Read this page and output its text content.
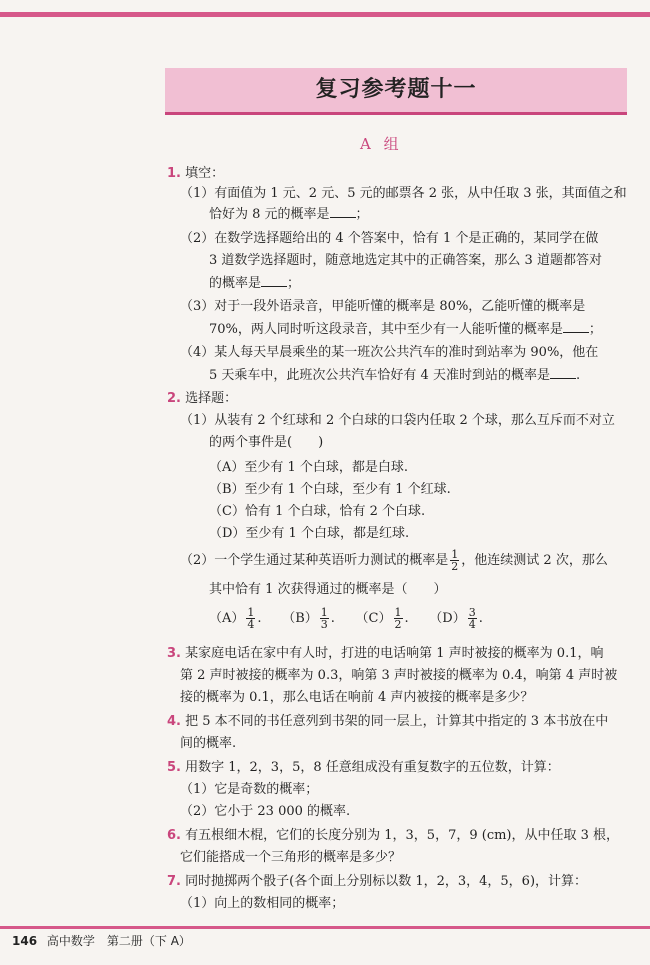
复习参考题十一
A 组
1. 填空：
（1）有面值为 1 元、2 元、5 元的邮票各 2 张，从中任取 3 张，其面值之和
恰好为 8 元的概率是 ；
（2）在数学选择题给出的 4 个答案中，恰有 1 个是正确的，某同学在做
3 道数学选择题时，随意地选定其中的正确答案，那么 3 道题都答对
的概率是 ；
（3）对于一段外语录音，甲能听懂的概率是 80%，乙能听懂的概率是
70%，两人同时听这段录音，其中至少有一人能听懂的概率是 ；
（4）某人每天早晨乘坐的某一班次公共汽车的准时到站率为 90%，他在
5 天乘车中，此班次公共汽车恰好有 4 天准时到站的概率是 .
2. 选择题：
（1）从装有 2 个红球和 2 个白球的口袋内任取 2 个球，那么互斥而不对立
的两个事件是(　　)
（A）至少有 1 个白球，都是白球.
（B）至少有 1 个白球，至少有 1 个红球.
（C）恰有 1 个白球，恰有 2 个白球.
（D）至少有 1 个白球，都是红球.
（2）一个学生通过某种英语听力测试的概率是 $\frac{1}{2}$ ，他连续测试 2 次，那么
其中恰有 1 次获得通过的概率是（　　）
$(A) \frac{1}{4}$ .     $(B) \frac{1}{3}$ .     $(C) \frac{1}{2}$ .     $(D) \frac{3}{4}$ .
3. 某家庭电话在家中有人时，打进的电话响第 1 声时被接的概率为 0.1，响
第 2 声时被接的概率为 0.3，响第 3 声时被接的概率为 0.4，响第 4 声时被
接的概率为 0.1，那么电话在响前 4 声内被接的概率是多少？
4. 把 5 本不同的书任意列到书架的同一层上，计算其中指定的 3 本书放在中
间的概率.
5. 用数字 1，2，3，5，8 任意组成没有重复数字的五位数，计算：
（1）它是奇数的概率；
（2）它小于 23 000 的概率.
6. 有五根细木棍，它们的长度分别为 1，3，5，7，9 (cm)，从中任取 3 根，
它们能搭成一个三角形的概率是多少？
7. 同时抛掷两个骰子(各个面上分别标以数 1，2，3，4，5，6)，计算：
（1）向上的数相同的概率；
146 高中数学　第二册（下 A）
